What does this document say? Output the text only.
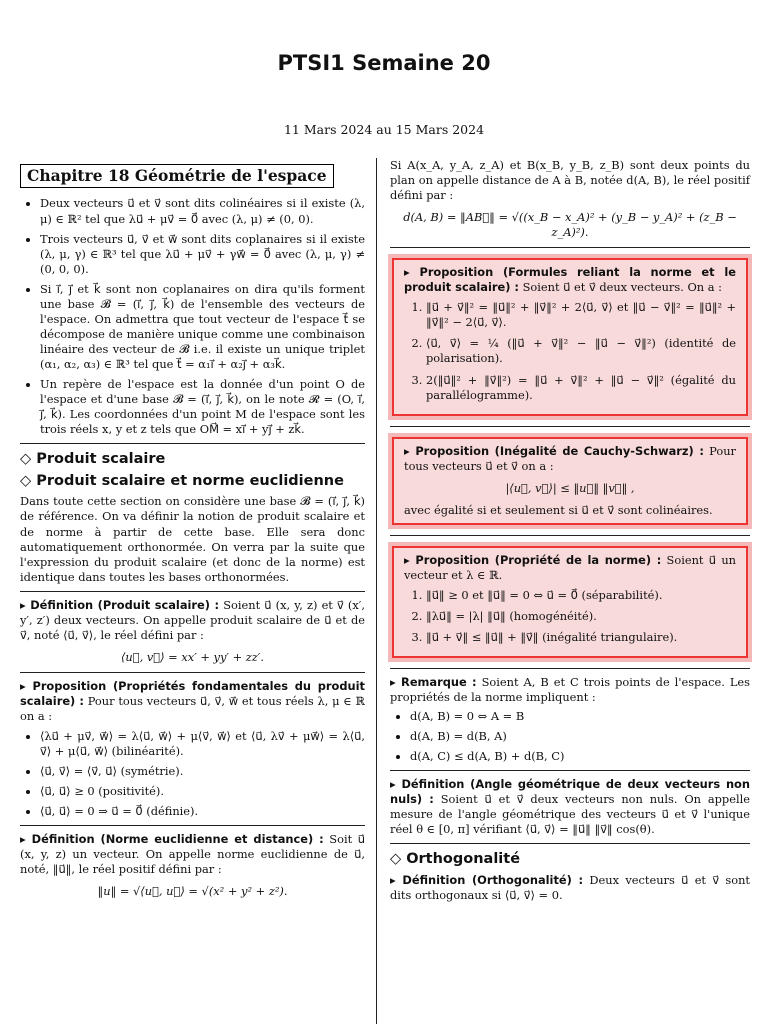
PTSI1 Semaine 20
11 Mars 2024 au 15 Mars 2024
Chapitre 18 Géométrie de l'espace
• Deux vecteurs u⃗ et v⃗ sont dits colinéaires si il existe (λ, μ) ∈ ℝ² tel que λu⃗ + μv⃗ = 0⃗ avec (λ, μ) ≠ (0, 0).
• Trois vecteurs u⃗, v⃗ et w⃗ sont dits coplanaires si il existe (λ, μ, γ) ∈ ℝ³ tel que λu⃗ + μv⃗ + γw⃗ = 0⃗ avec (λ, μ, γ) ≠ (0, 0, 0).
• Si i⃗, j⃗ et k⃗ sont non coplanaires on dira qu'ils forment une base 𝓑 = (i⃗, j⃗, k⃗) de l'ensemble des vecteurs de l'espace. On admettra que tout vecteur de l'espace t⃗ se décompose de manière unique comme une combinaison linéaire des vecteur de 𝓑 i.e. il existe un unique triplet (α₁, α₂, α₃) ∈ ℝ³ tel que t⃗ = α₁i⃗ + α₂j⃗ + α₃k⃗.
• Un repère de l'espace est la donnée d'un point O de l'espace et d'une base 𝓑 = (i⃗, j⃗, k⃗), on le note 𝓡 = (O, i⃗, j⃗, k⃗). Les coordonnées d'un point M de l'espace sont les trois réels x, y et z tels que OM⃗ = xi⃗ + yj⃗ + zk⃗.
◇ Produit scalaire
◇ Produit scalaire et norme euclidienne

Dans toute cette section on considère une base 𝓑 = (i⃗, j⃗, k⃗) de référence. On va définir la notion de produit scalaire et de norme à partir de cette base. Elle sera donc automatiquement orthonormée. On verra par la suite que l'expression du produit scalaire (et donc de la norme) est identique dans toutes les bases orthonormées.

▸ Définition (Produit scalaire) : Soient u⃗ (x, y, z) et v⃗ (x′, y′, z′) deux vecteurs. On appelle produit scalaire de u⃗ et de v⃗, noté ⟨u⃗, v⃗⟩, le réel défini par :

⟨u⃗, v⃗⟩ = xx′ + yy′ + zz′.

▸ Proposition (Propriétés fondamentales du produit scalaire) : Pour tous vecteurs u⃗, v⃗, w⃗ et tous réels λ, μ ∈ ℝ on a :

• ⟨λu⃗ + μv⃗, w⃗⟩ = λ⟨u⃗, w⃗⟩ + μ⟨v⃗, w⃗⟩ et ⟨u⃗, λv⃗ + μw⃗⟩ = λ⟨u⃗, v⃗⟩ + μ⟨u⃗, w⃗⟩ (bilinéarité).
• ⟨u⃗, v⃗⟩ = ⟨v⃗, u⃗⟩ (symétrie).
• ⟨u⃗, u⃗⟩ ≥ 0 (positivité).
• ⟨u⃗, u⃗⟩ = 0 ⇒ u⃗ = 0⃗ (définie).

▸ Définition (Norme euclidienne et distance) : Soit u⃗ (x, y, z) un vecteur. On appelle norme euclidienne de u⃗, noté, ‖u⃗‖, le réel positif défini par :

‖u‖ = √⟨u⃗, u⃗⟩ = √(x² + y² + z²).

Si A(x_A, y_A, z_A) et B(x_B, y_B, z_B) sont deux points du plan on appelle distance de A à B, notée d(A, B), le réel positif défini par :

d(A, B) = ‖AB⃗‖ = √((x_B − x_A)² + (y_B − y_A)² + (z_B − z_A)²).

▸ Proposition (Formules reliant la norme et le produit scalaire) : Soient u⃗ et v⃗ deux vecteurs. On a :

1. ‖u⃗ + v⃗‖² = ‖u⃗‖² + ‖v⃗‖² + 2⟨u⃗, v⃗⟩ et ‖u⃗ − v⃗‖² = ‖u⃗‖² + ‖v⃗‖² − 2⟨u⃗, v⃗⟩.
2. ⟨u⃗, v⃗⟩ = ¼ (‖u⃗ + v⃗‖² − ‖u⃗ − v⃗‖²) (identité de polarisation).
3. 2(‖u⃗‖² + ‖v⃗‖²) = ‖u⃗ + v⃗‖² + ‖u⃗ − v⃗‖² (égalité du parallélogramme).

▸ Proposition (Inégalité de Cauchy-Schwarz) : Pour tous vecteurs u⃗ et v⃗ on a :

|⟨u⃗, v⃗⟩| ≤ ‖u⃗‖ ‖v⃗‖ ,

avec égalité si et seulement si u⃗ et v⃗ sont colinéaires.

▸ Proposition (Propriété de la norme) : Soient u⃗ un vecteur et λ ∈ ℝ.

1. ‖u⃗‖ ≥ 0 et ‖u⃗‖ = 0 ⇔ u⃗ = 0⃗ (séparabilité).
2. ‖λu⃗‖ = |λ| ‖u⃗‖ (homogénéité).
3. ‖u⃗ + v⃗‖ ≤ ‖u⃗‖ + ‖v⃗‖ (inégalité triangulaire).

▸ Remarque : Soient A, B et C trois points de l'espace. Les propriétés de la norme impliquent :

• d(A, B) = 0 ⇔ A = B
• d(A, B) = d(B, A)
• d(A, C) ≤ d(A, B) + d(B, C)

▸ Définition (Angle géométrique de deux vecteurs non nuls) : Soient u⃗ et v⃗ deux vecteurs non nuls. On appelle mesure de l'angle géométrique des vecteurs u⃗ et v⃗ l'unique réel θ ∈ [0, π] vérifiant ⟨u⃗, v⃗⟩ = ‖u⃗‖ ‖v⃗‖ cos(θ).

◇ Orthogonalité

▸ Définition (Orthogonalité) : Deux vecteurs u⃗ et v⃗ sont dits orthogonaux si ⟨u⃗, v⃗⟩ = 0.
